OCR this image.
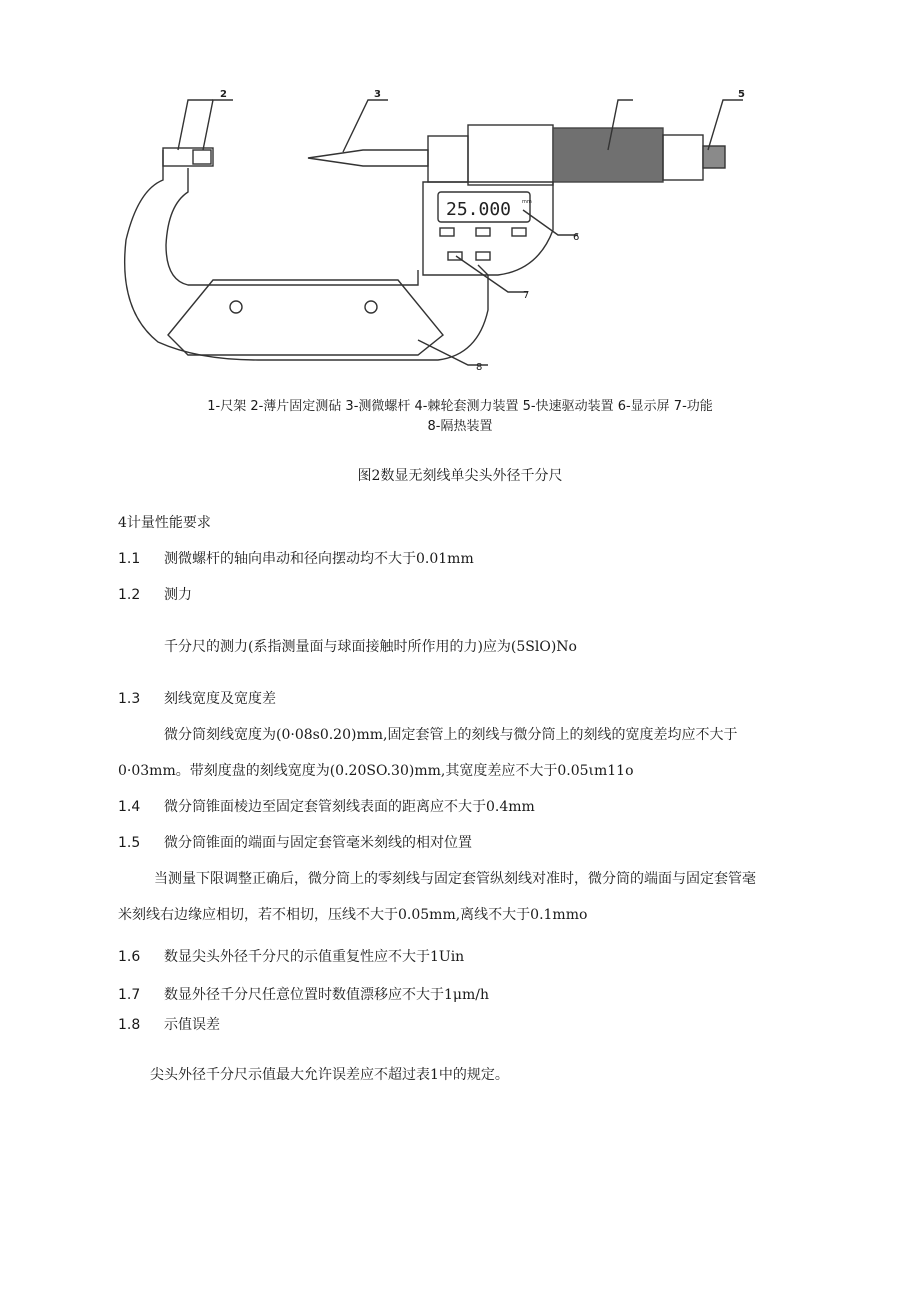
2	3	5
6
7
8
25.000 mm
1-尺架 2-薄片固定测砧 3-测微螺杆 4-棘轮套测力装置 5-快速驱动装置 6-显示屏 7-功能
8-隔热装置
图2数显无刻线单尖头外径千分尺
4计量性能要求
1.1 测微螺杆的轴向串动和径向摆动均不大于0.01mm
1.2 测力
千分尺的测力(系指测量面与球面接触时所作用的力)应为(5SlO)No
1.3 刻线宽度及宽度差
微分筒刻线宽度为(0·08s0.20)mm,固定套管上的刻线与微分筒上的刻线的宽度差均应不大于
0·03mm。带刻度盘的刻线宽度为(0.20SO.30)mm,其宽度差应不大于0.05ιm11o
1.4 微分筒锥面棱边至固定套管刻线表面的距离应不大于0.4mm
1.5 微分筒锥面的端面与固定套管毫米刻线的相对位置
当测量下限调整正确后，微分筒上的零刻线与固定套管纵刻线对准时，微分筒的端面与固定套管毫
米刻线右边缘应相切，若不相切，压线不大于0.05mm,离线不大于0.1mmo
1.6 数显尖头外径千分尺的示值重复性应不大于1Uin
1.7 数显外径千分尺任意位置时数值漂移应不大于1μm∕h
1.8 示值误差
尖头外径千分尺示值最大允许误差应不超过表1中的规定。
